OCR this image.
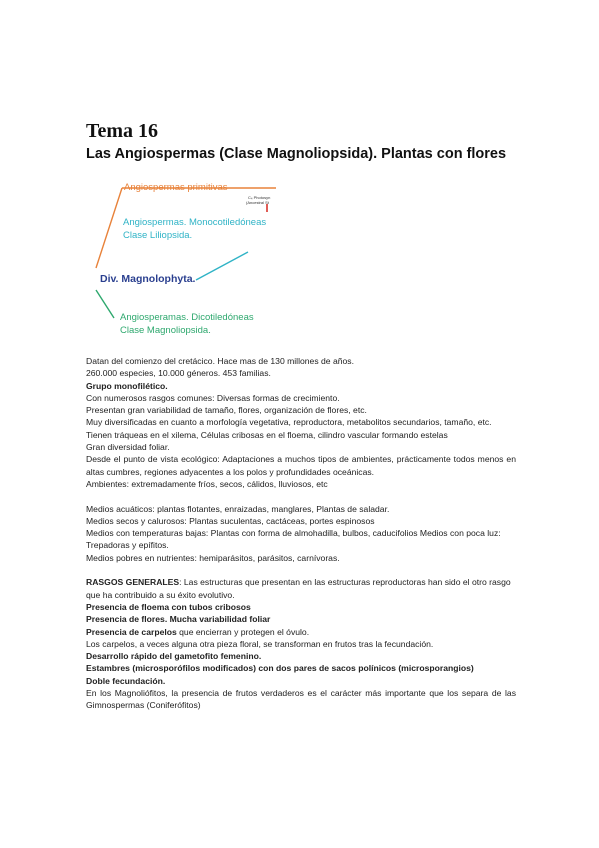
Tema 16
Las Angiospermas (Clase Magnoliopsida). Plantas con flores
Angiospermas primitivas
C₄ Photosyn
(Ancestral St
Angiospermas. Monocotiledóneas
Clase Liliopsida.
Div. Magnolophyta.
Angiosperamas. Dicotiledóneas
Clase Magnoliopsida.

Datan del comienzo del cretácico. Hace mas de 130 millones de años.

260.000 especies, 10.000 géneros. 453 familias.

Grupo monofilético.

Con numerosos rasgos comunes: Diversas formas de crecimiento.

Presentan gran variabilidad de tamaño, flores, organización de flores, etc.

Muy diversificadas en cuanto a morfología vegetativa, reproductora, metabolitos secundarios, tamaño, etc.

Tienen tráqueas en el xilema, Células cribosas en el floema, cilindro vascular formando estelas

Gran diversidad foliar.

Desde el punto de vista ecológico: Adaptaciones a muchos tipos de ambientes, prácticamente todos menos en altas cumbres, regiones adyacentes a los polos y profundidades oceánicas.

Ambientes: extremadamente fríos, secos, cálidos, lluviosos, etc

Medios acuáticos: plantas flotantes, enraizadas, manglares, Plantas de saladar.

Medios secos y calurosos: Plantas suculentas, cactáceas, portes espinosos

Medios con temperaturas bajas: Plantas con forma de almohadilla, bulbos, caducifolios Medios con poca luz: Trepadoras y epífitos.

Medios pobres en nutrientes: hemiparásitos, parásitos, carnívoras.

RASGOS GENERALES: Las estructuras que presentan en las estructuras reproductoras han sido el otro rasgo que ha contribuido a su éxito evolutivo.

Presencia de floema con tubos cribosos

Presencia de flores. Mucha variabilidad foliar

Presencia de carpelos que encierran y protegen el óvulo.

Los carpelos, a veces alguna otra pieza floral, se transforman en frutos tras la fecundación.

Desarrollo rápido del gametofito femenino.

Estambres (microsporófilos modificados) con dos pares de sacos polínicos (microsporangios)

Doble fecundación.

En los Magnoliófitos, la presencia de frutos verdaderos es el carácter más importante que los separa de las Gimnospermas (Coniferófitos)
